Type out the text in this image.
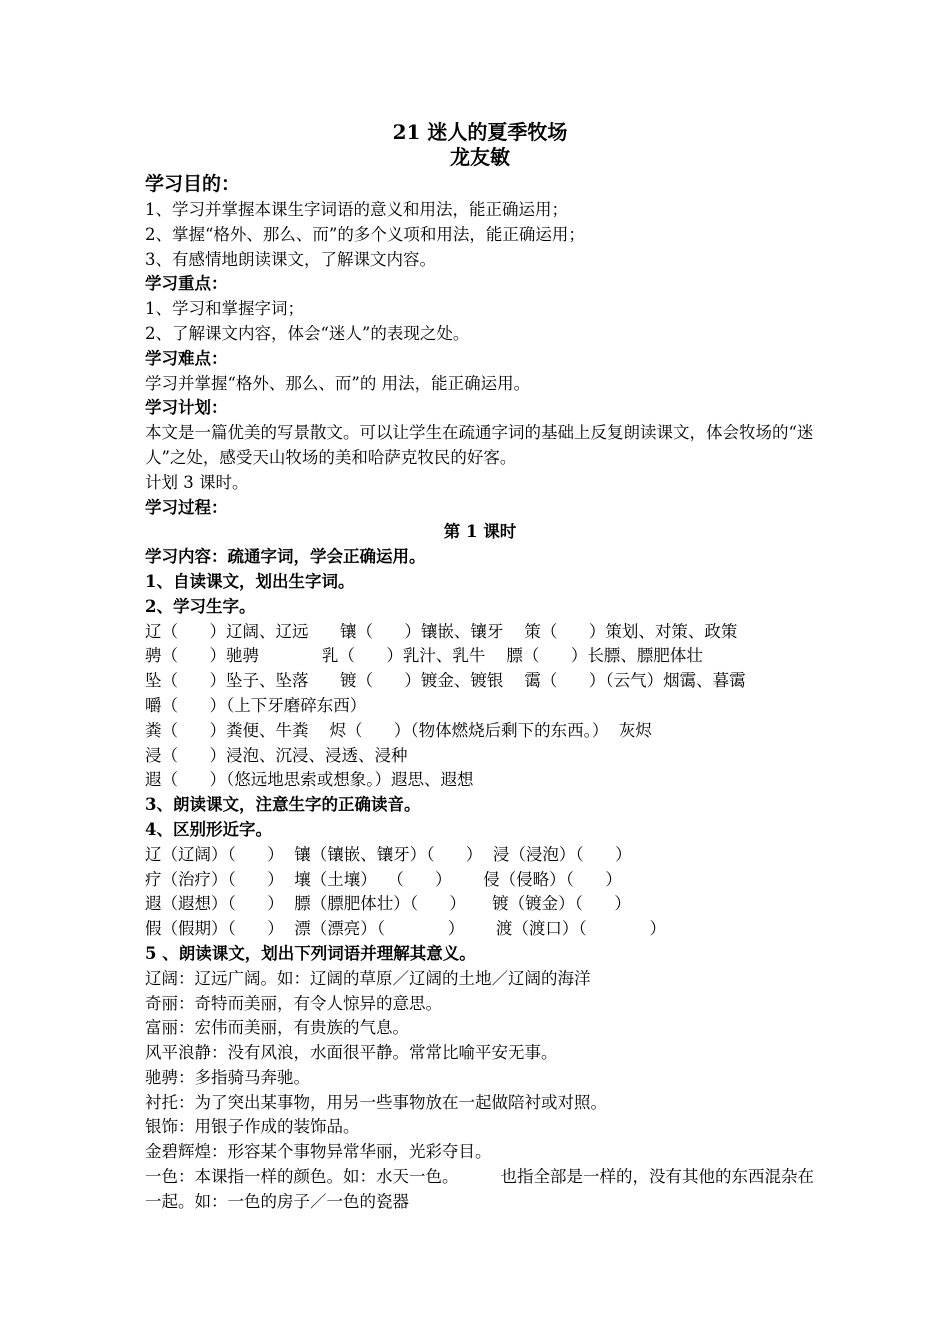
21 迷人的夏季牧场
龙友敏
学习目的：
1、学习并掌握本课生字词语的意义和用法，能正确运用；
2、掌握“格外、那么、而”的多个义项和用法，能正确运用；
3、有感情地朗读课文，了解课文内容。
学习重点：
1、学习和掌握字词；
2、了解课文内容，体会“迷人”的表现之处。
学习难点：
学习并掌握“格外、那么、而”的 用法，能正确运用。
学习计划：
本文是一篇优美的写景散文。可以让学生在疏通字词的基础上反复朗读课文，体会牧场的“迷人”之处，感受天山牧场的美和哈萨克牧民的好客。
计划 3 课时。
学习过程：
第 1 课时
学习内容：疏通字词，学会正确运用。
1、自读课文，划出生字词。
2、学习生字。
辽（      ）辽阔、辽远      镶（      ）镶嵌、镶牙    策（      ）策划、对策、政策
骋（      ）驰骋            乳（      ）乳汁、乳牛    膘（      ）长膘、膘肥体壮
坠（      ）坠子、坠落      镀（      ）镀金、镀银    霭（      ）（云气）烟霭、暮霭
嚼（      ）（上下牙磨碎东西）
粪（      ）粪便、牛粪    烬（      ）（物体燃烧后剩下的东西。）  灰烬
浸（      ）浸泡、沉浸、浸透、浸种
遐（      ）（悠远地思索或想象。）遐思、遐想
3、朗读课文，注意生字的正确读音。
4、区别形近字。
辽（辽阔）（      ）  镶（镶嵌、镶牙）（      ）  浸（浸泡）（      ）
疗（治疗）（      ）  壤（土壤）  （      ）      侵（侵略）（      ）
遐（遐想）（      ）  膘（膘肥体壮）（      ）     镀（镀金）（      ）
假（假期）（      ）  漂（漂亮）（            ）      渡（渡口）（            ）
5 、朗读课文，划出下列词语并理解其意义。
辽阔：辽远广阔。如：辽阔的草原／辽阔的土地／辽阔的海洋
奇丽：奇特而美丽，有令人惊异的意思。
富丽：宏伟而美丽，有贵族的气息。
风平浪静：没有风浪，水面很平静。常常比喻平安无事。
驰骋：多指骑马奔驰。
衬托：为了突出某事物，用另一些事物放在一起做陪衬或对照。
银饰：用银子作成的装饰品。
金碧辉煌：形容某个事物异常华丽，光彩夺目。
一色：本课指一样的颜色。如：水天一色。        也指全部是一样的，没有其他的东西混杂在一起。如：一色的房子／一色的瓷器
